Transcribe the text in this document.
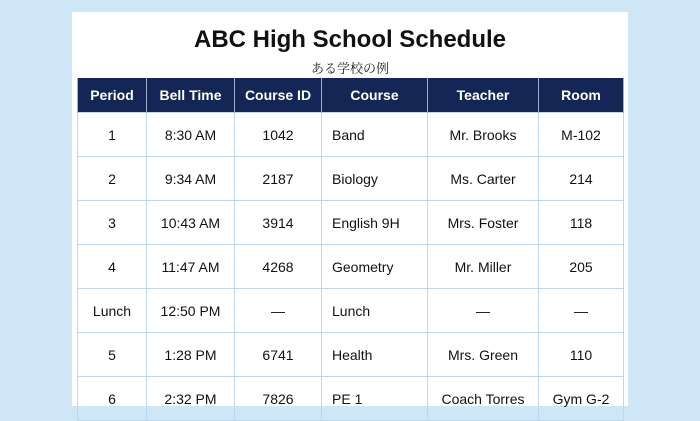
ABC High School Schedule
ある学校の例
Period	Bell Time	Course ID	Course	Teacher	Room
1	8:30 AM	1042	Band	Mr. Brooks	M-102
2	9:34 AM	2187	Biology	Ms. Carter	214
3	10:43 AM	3914	English 9H	Mrs. Foster	118
4	11:47 AM	4268	Geometry	Mr. Miller	205
Lunch	12:50 PM	—	Lunch	—	—
5	1:28 PM	6741	Health	Mrs. Green	110
6	2:32 PM	7826	PE 1	Coach Torres	Gym G-2
